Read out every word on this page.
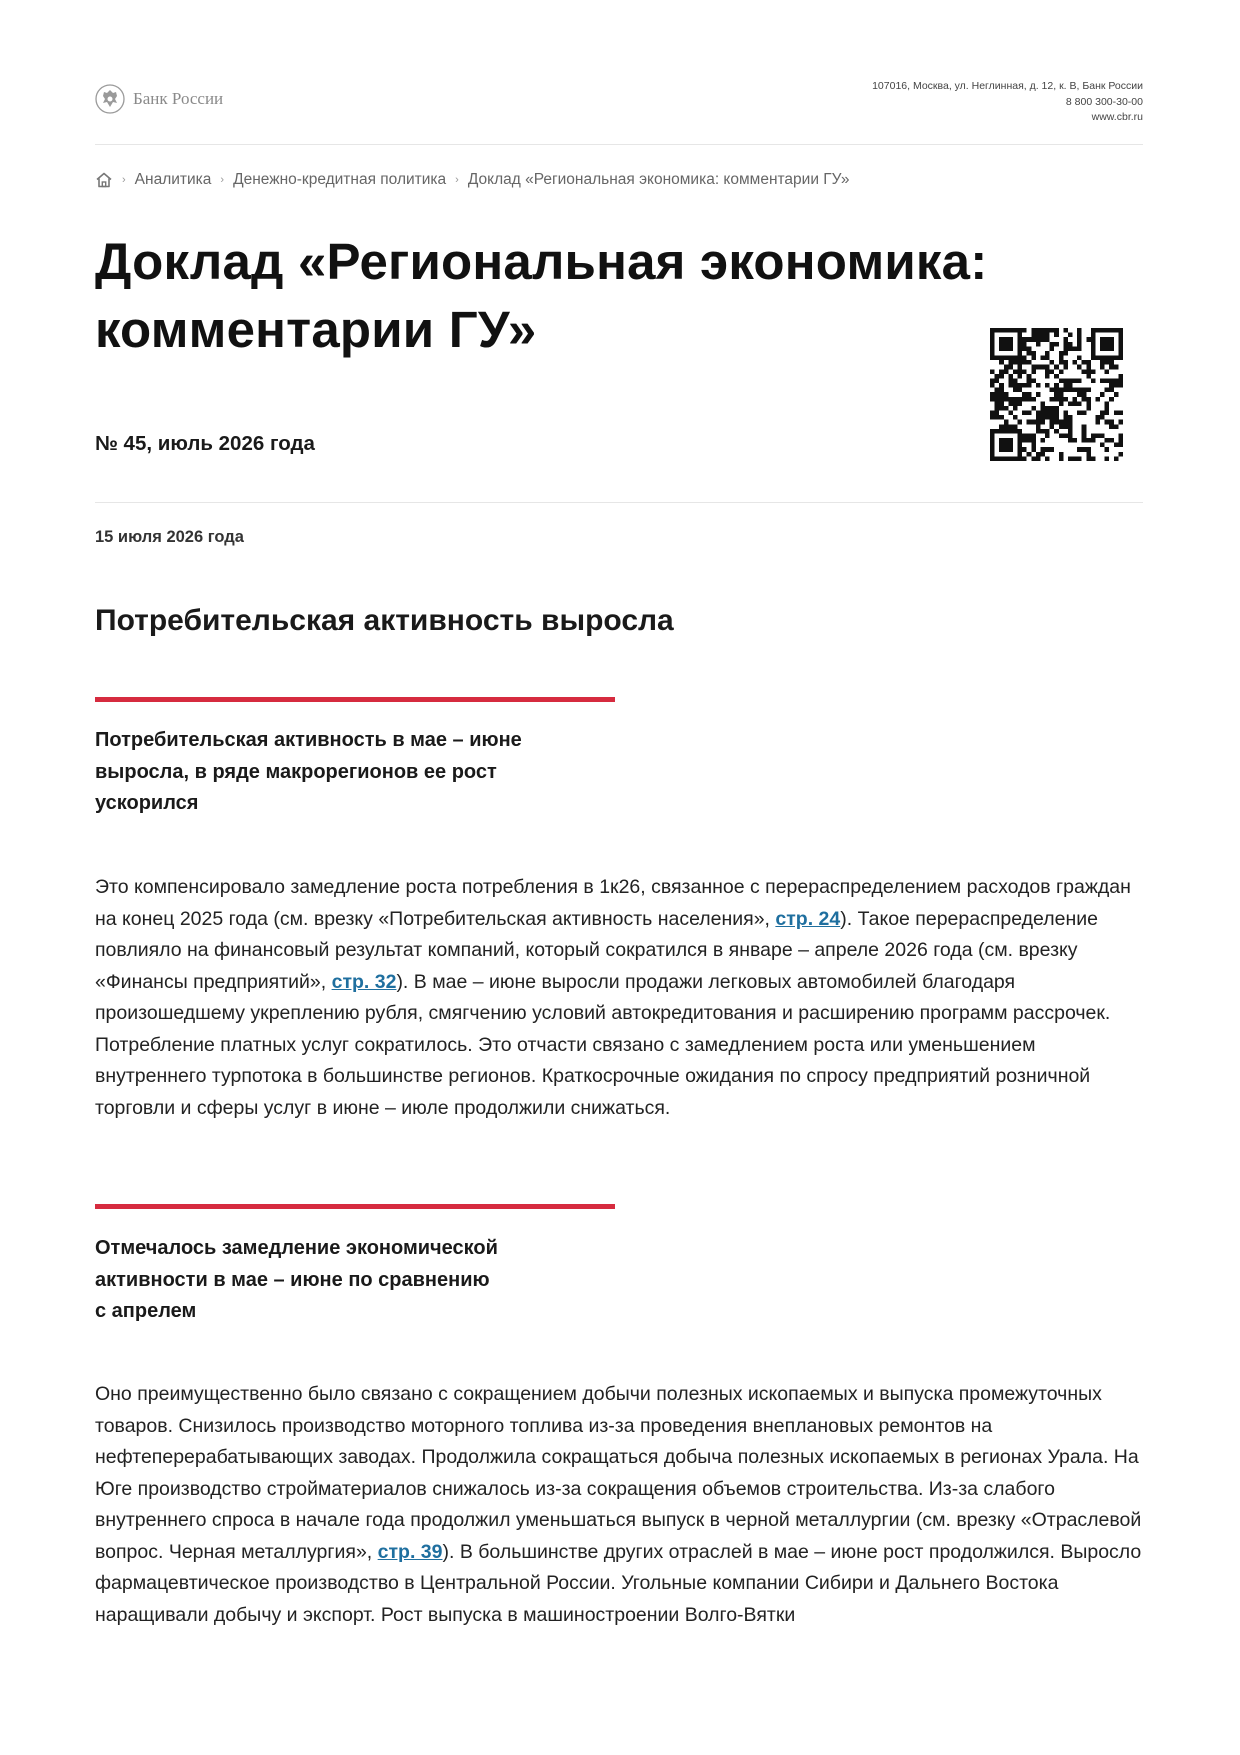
Банк России
107016, Москва, ул. Неглинная, д. 12, к. В, Банк России
8 800 300-30-00
www.cbr.ru
› Аналитика › Денежно-кредитная политика › Доклад «Региональная экономика: комментарии ГУ»
Доклад «Региональная экономика:
комментарии ГУ»
№ 45, июль 2026 года
15 июля 2026 года
Потребительская активность выросла

Потребительская активность в мае – июне
выросла, в ряде макрорегионов ее рост
ускорился

Это компенсировало замедление роста потребления в 1к26, связанное с перераспределением расходов граждан на конец 2025 года (см. врезку «Потребительская активность населения», стр. 24). Такое перераспределение повлияло на финансовый результат компаний, который сократился в январе – апреле 2026 года (см. врезку «Финансы предприятий», стр. 32). В мае – июне выросли продажи легковых автомобилей благодаря произошедшему укреплению рубля, смягчению условий автокредитования и расширению программ рассрочек. Потребление платных услуг сократилось. Это отчасти связано с замедлением роста или уменьшением внутреннего турпотока в большинстве регионов. Краткосрочные ожидания по спросу предприятий розничной торговли и сферы услуг в июне – июле продолжили снижаться.

Отмечалось замедление экономической
активности в мае – июне по сравнению
с апрелем

Оно преимущественно было связано с сокращением добычи полезных ископаемых и выпуска промежуточных товаров. Снизилось производство моторного топлива из-за проведения внеплановых ремонтов на нефтеперерабатывающих заводах. Продолжила сокращаться добыча полезных ископаемых в регионах Урала. На Юге производство стройматериалов снижалось из-за сокращения объемов строительства. Из-за слабого внутреннего спроса в начале года продолжил уменьшаться выпуск в черной металлургии (см. врезку «Отраслевой вопрос. Черная металлургия», стр. 39). В большинстве других отраслей в мае – июне рост продолжился. Выросло фармацевтическое производство в Центральной России. Угольные компании Сибири и Дальнего Востока наращивали добычу и экспорт. Рост выпуска в машиностроении Волго-Вятки
